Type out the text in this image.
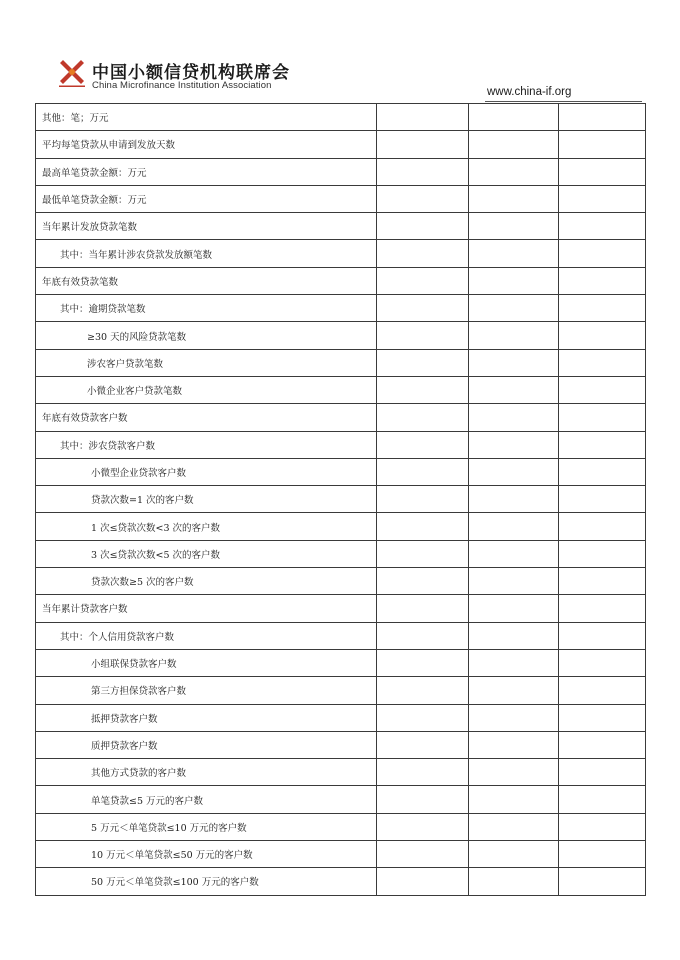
中国小额信贷机构联席会
China Microfinance Institution Association
www.china-if.org
其他：笔；万元			
平均每笔贷款从申请到发放天数			
最高单笔贷款金额：万元			
最低单笔贷款金额：万元			
当年累计发放贷款笔数			
其中：当年累计涉农贷款发放额笔数			
年底有效贷款笔数			
其中：逾期贷款笔数			
≥30 天的风险贷款笔数			
涉农客户贷款笔数			
小微企业客户贷款笔数			
年底有效贷款客户数			
其中：涉农贷款客户数			
小微型企业贷款客户数			
贷款次数=1 次的客户数			
1 次≤贷款次数<3 次的客户数			
3 次≤贷款次数<5 次的客户数			
贷款次数≥5 次的客户数			
当年累计贷款客户数			
其中：个人信用贷款客户数			
小组联保贷款客户数			
第三方担保贷款客户数			
抵押贷款客户数			
质押贷款客户数			
其他方式贷款的客户数			
单笔贷款≤5 万元的客户数			
5 万元＜单笔贷款≤10 万元的客户数			
10 万元＜单笔贷款≤50 万元的客户数			
50 万元＜单笔贷款≤100 万元的客户数			
